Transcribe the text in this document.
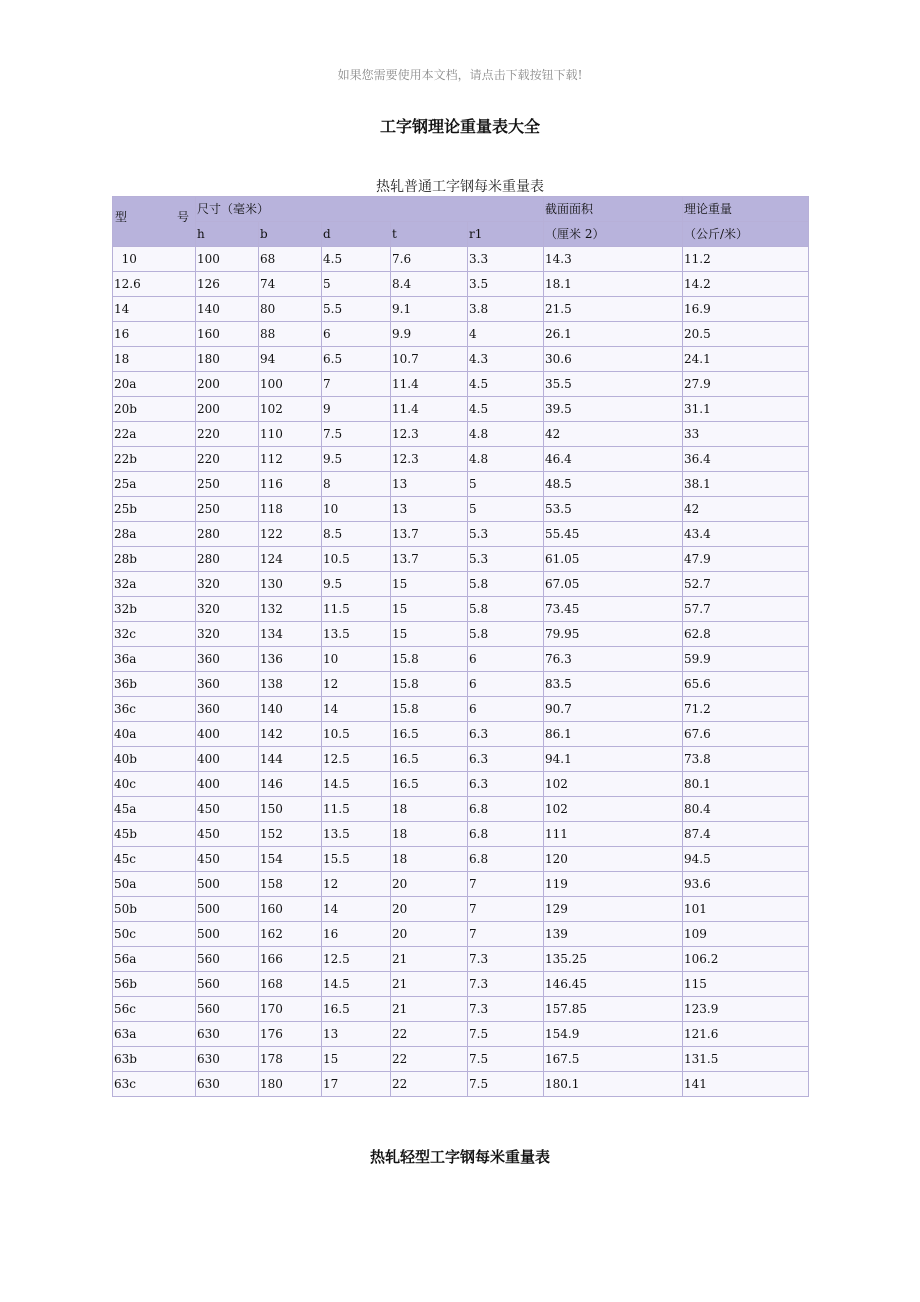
如果您需要使用本文档，请点击下载按钮下载!
工字钢理论重量表大全
热轧普通工字钢每米重量表
型 号	尺寸（毫米）					截面面积	理论重量
	h	b	d	t	r1	（厘米 2）	（公斤/米）
10	100	68	4.5	7.6	3.3	14.3	11.2
12.6	126	74	5	8.4	3.5	18.1	14.2
14	140	80	5.5	9.1	3.8	21.5	16.9
16	160	88	6	9.9	4	26.1	20.5
18	180	94	6.5	10.7	4.3	30.6	24.1
20a	200	100	7	11.4	4.5	35.5	27.9
20b	200	102	9	11.4	4.5	39.5	31.1
22a	220	110	7.5	12.3	4.8	42	33
22b	220	112	9.5	12.3	4.8	46.4	36.4
25a	250	116	8	13	5	48.5	38.1
25b	250	118	10	13	5	53.5	42
28a	280	122	8.5	13.7	5.3	55.45	43.4
28b	280	124	10.5	13.7	5.3	61.05	47.9
32a	320	130	9.5	15	5.8	67.05	52.7
32b	320	132	11.5	15	5.8	73.45	57.7
32c	320	134	13.5	15	5.8	79.95	62.8
36a	360	136	10	15.8	6	76.3	59.9
36b	360	138	12	15.8	6	83.5	65.6
36c	360	140	14	15.8	6	90.7	71.2
40a	400	142	10.5	16.5	6.3	86.1	67.6
40b	400	144	12.5	16.5	6.3	94.1	73.8
40c	400	146	14.5	16.5	6.3	102	80.1
45a	450	150	11.5	18	6.8	102	80.4
45b	450	152	13.5	18	6.8	111	87.4
45c	450	154	15.5	18	6.8	120	94.5
50a	500	158	12	20	7	119	93.6
50b	500	160	14	20	7	129	101
50c	500	162	16	20	7	139	109
56a	560	166	12.5	21	7.3	135.25	106.2
56b	560	168	14.5	21	7.3	146.45	115
56c	560	170	16.5	21	7.3	157.85	123.9
63a	630	176	13	22	7.5	154.9	121.6
63b	630	178	15	22	7.5	167.5	131.5
63c	630	180	17	22	7.5	180.1	141
热轧轻型工字钢每米重量表
